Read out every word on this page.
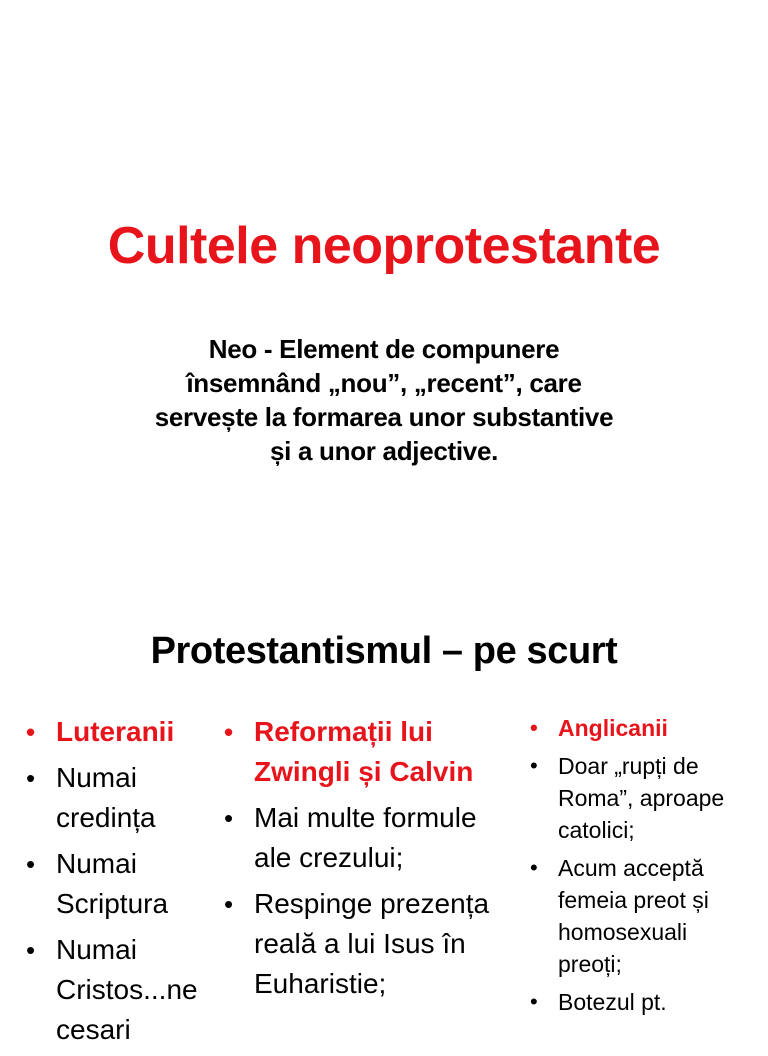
Cultele neoprotestante
Neo - Element de compunere
însemnând „nou”, „recent”, care
servește la formarea unor substantive
și a unor adjective.
Protestantismul – pe scurt
• Luteranii
• Numai
credința
• Numai
Scriptura
• Numai
Cristos...ne
cesari
• Reformații lui
Zwingli și Calvin
• Mai multe formule
ale crezului;
• Respinge prezența
reală a lui Isus în
Euharistie;
• Anglicanii
• Doar „rupți de
Roma”, aproape
catolici;
• Acum acceptă
femeia preot și
homosexuali
preoți;
• Botezul pt.
